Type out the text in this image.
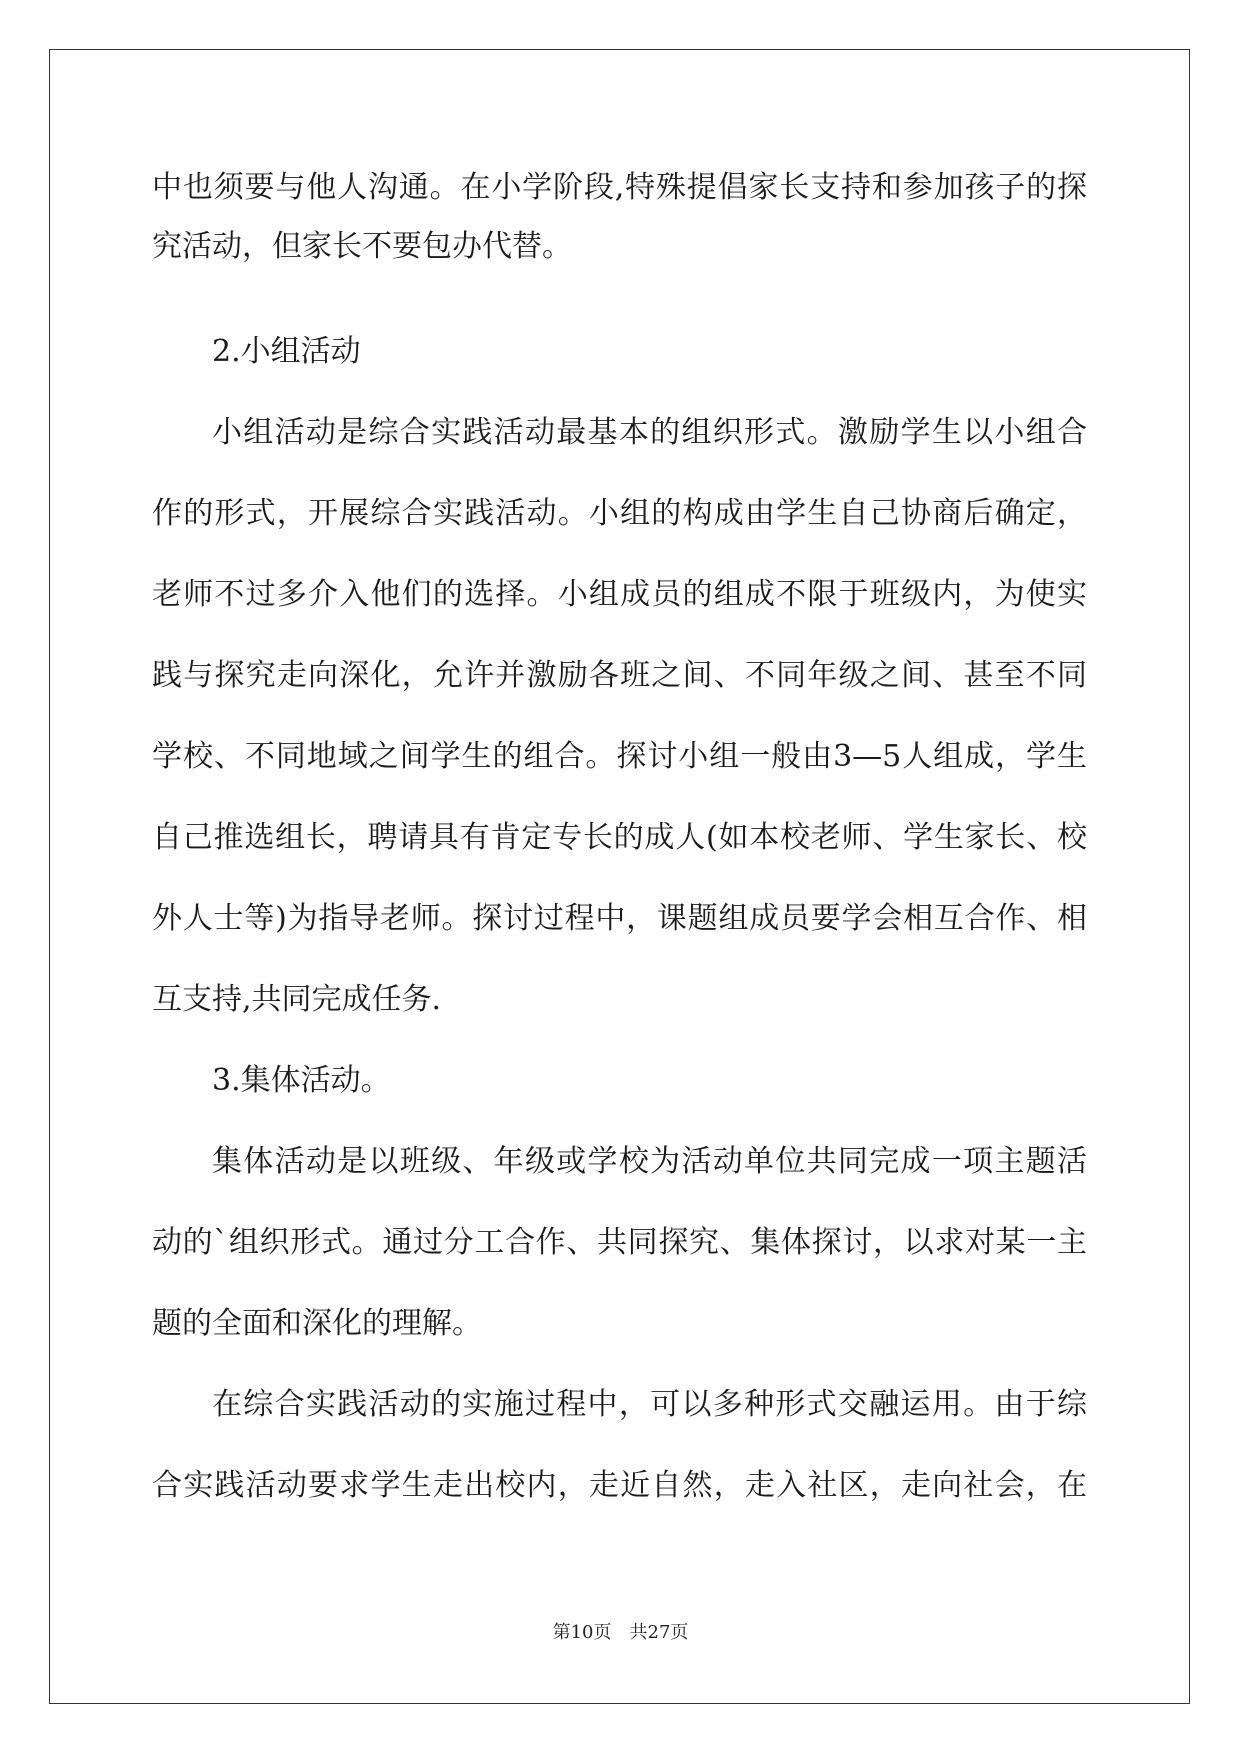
中也须要与他人沟通。在小学阶段,特殊提倡家长支持和参加孩子的探
究活动，但家长不要包办代替。
2.小组活动
小组活动是综合实践活动最基本的组织形式。激励学生以小组合
作的形式，开展综合实践活动。小组的构成由学生自己协商后确定，
老师不过多介入他们的选择。小组成员的组成不限于班级内，为使实
践与探究走向深化，允许并激励各班之间、不同年级之间、甚至不同
学校、不同地域之间学生的组合。探讨小组一般由3—5人组成，学生
自己推选组长，聘请具有肯定专长的成人(如本校老师、学生家长、校
外人士等)为指导老师。探讨过程中，课题组成员要学会相互合作、相
互支持,共同完成任务.
3.集体活动。
集体活动是以班级、年级或学校为活动单位共同完成一项主题活
动的`组织形式。通过分工合作、共同探究、集体探讨，以求对某一主
题的全面和深化的理解。
在综合实践活动的实施过程中，可以多种形式交融运用。由于综
合实践活动要求学生走出校内，走近自然，走入社区，走向社会，在
第10页　共27页
